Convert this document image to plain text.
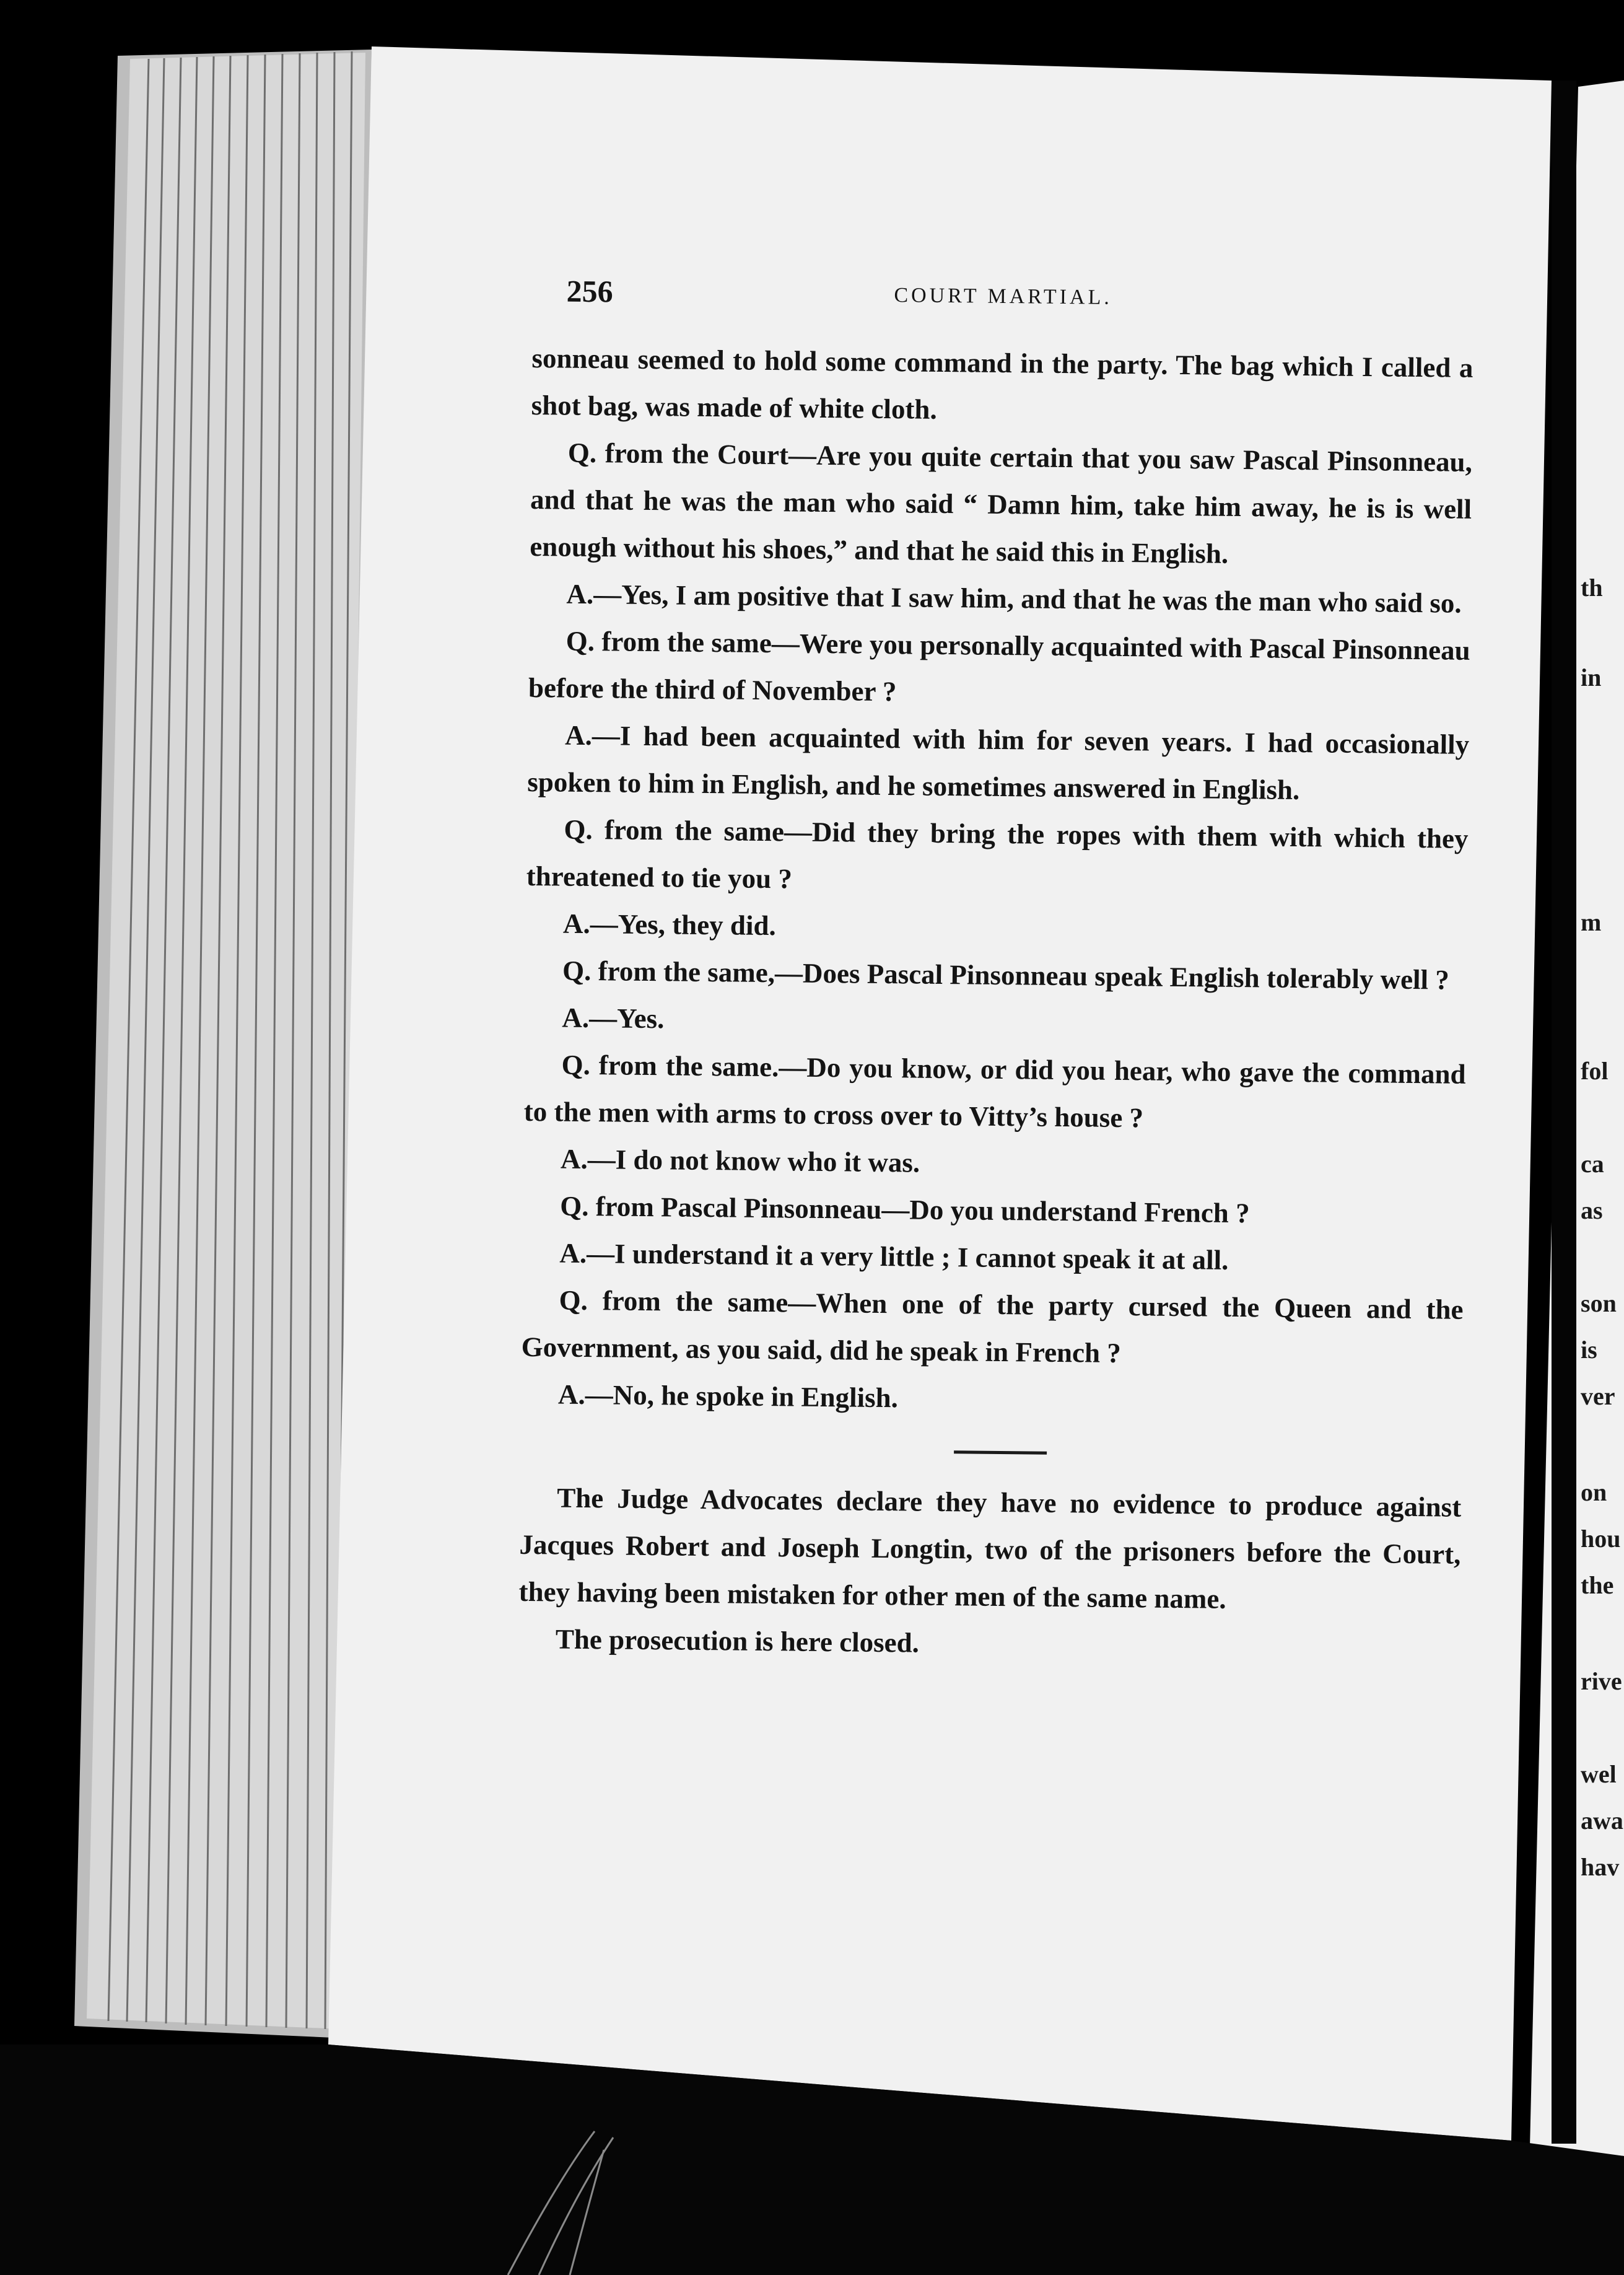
256	COURT MARTIAL.

sonneau seemed to hold some command in the party. The bag which I called a shot bag, was made of white cloth.

Q. from the Court—Are you quite certain that you saw Pascal Pinsonneau, and that he was the man who said “ Damn him, take him away, he is is well enough without his shoes,” and that he said this in English.

A.—Yes, I am positive that I saw him, and that he was the man who said so.

Q. from the same—Were you personally acquainted with Pascal Pinsonneau before the third of November ?

A.—I had been acquainted with him for seven years. I had occasionally spoken to him in English, and he sometimes answered in English.

Q. from the same—Did they bring the ropes with them with which they threatened to tie you ?

A.—Yes, they did.

Q. from the same,—Does Pascal Pinsonneau speak English tolerably well ?

A.—Yes.

Q. from the same.—Do you know, or did you hear, who gave the command to the men with arms to cross over to Vitty’s house ?

A.—I do not know who it was.

Q. from Pascal Pinsonneau—Do you understand French ?

A.—I understand it a very little ; I cannot speak it at all.

Q. from the same—When one of the party cursed the Queen and the Government, as you said, did he speak in French ?

A.—No, he spoke in English.

The Judge Advocates declare they have no evidence to produce against Jacques Robert and Joseph Longtin, two of the prisoners before the Court, they having been mistaken for other men of the same name.

The prosecution is here closed.

th
in
m
fol
ca
as
son
is
ver
on
hou
the
rive
wel
awa
hav
